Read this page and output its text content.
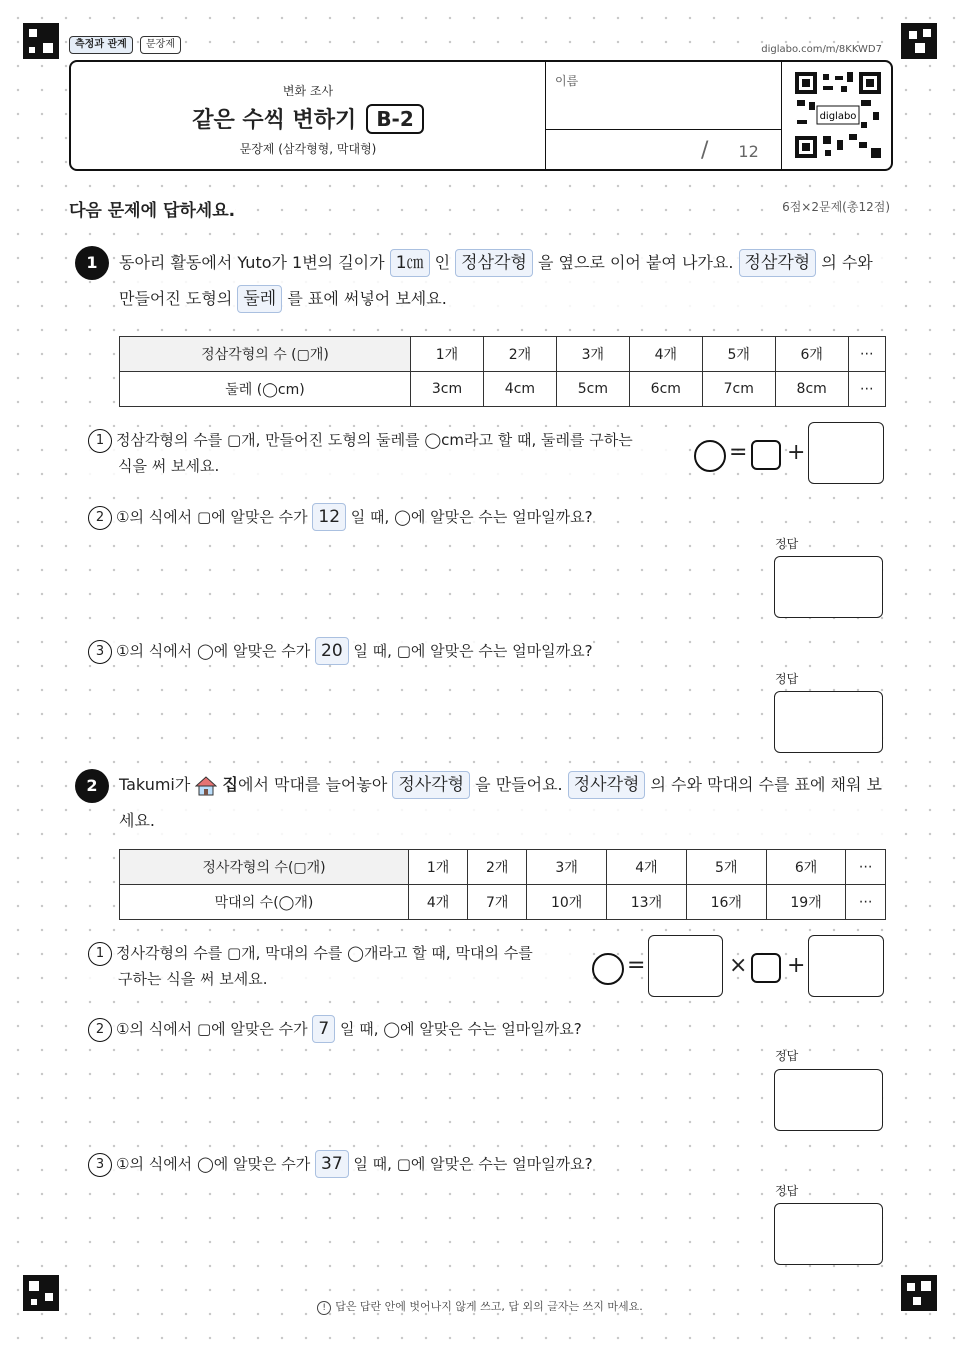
측정과 관계	문장제	diglabo.com/m/8KKWD7
변화 조사
같은 수씩 변하기	B-2
문장제 (삼각형형, 막대형)
이름
/ 12
diglabo
다음 문제에 답하세요.	6점×2문제(총12점)
1	동아리 활동에서 Yuto가 1변의 길이가 1㎝ 인 정삼각형 을 옆으로 이어 붙여 나가요. 정삼각형 의 수와
만들어진 도형의 둘레 를 표에 써넣어 보세요.
정삼각형의 수 (▢개)	1개	2개	3개	4개	5개	6개	⋯
둘레 (◯cm)	3cm	4cm	5cm	6cm	7cm	8cm	⋯
1 정삼각형의 수를 ▢개, 만들어진 도형의 둘레를 ◯cm라고 할 때, 둘레를 구하는
식을 써 보세요.
= +
2 ①의 식에서 ▢에 알맞은 수가 12 일 때, ◯에 알맞은 수는 얼마일까요?
정답
3 ①의 식에서 ◯에 알맞은 수가 20 일 때, ▢에 알맞은 수는 얼마일까요?
정답
2	Takumi가 집에서 막대를 늘어놓아 정사각형 을 만들어요. 정사각형 의 수와 막대의 수를 표에 채워 보
세요.
정사각형의 수(▢개)	1개	2개	3개	4개	5개	6개	⋯
막대의 수(◯개)	4개	7개	10개	13개	16개	19개	⋯
1 정사각형의 수를 ▢개, 막대의 수를 ◯개라고 할 때, 막대의 수를
구하는 식을 써 보세요.
=	× +
2 ①의 식에서 ▢에 알맞은 수가 7 일 때, ◯에 알맞은 수는 얼마일까요?
정답
3 ①의 식에서 ◯에 알맞은 수가 37 일 때, ▢에 알맞은 수는 얼마일까요?
정답
! 답은 답란 안에 벗어나지 않게 쓰고, 답 외의 글자는 쓰지 마세요.
